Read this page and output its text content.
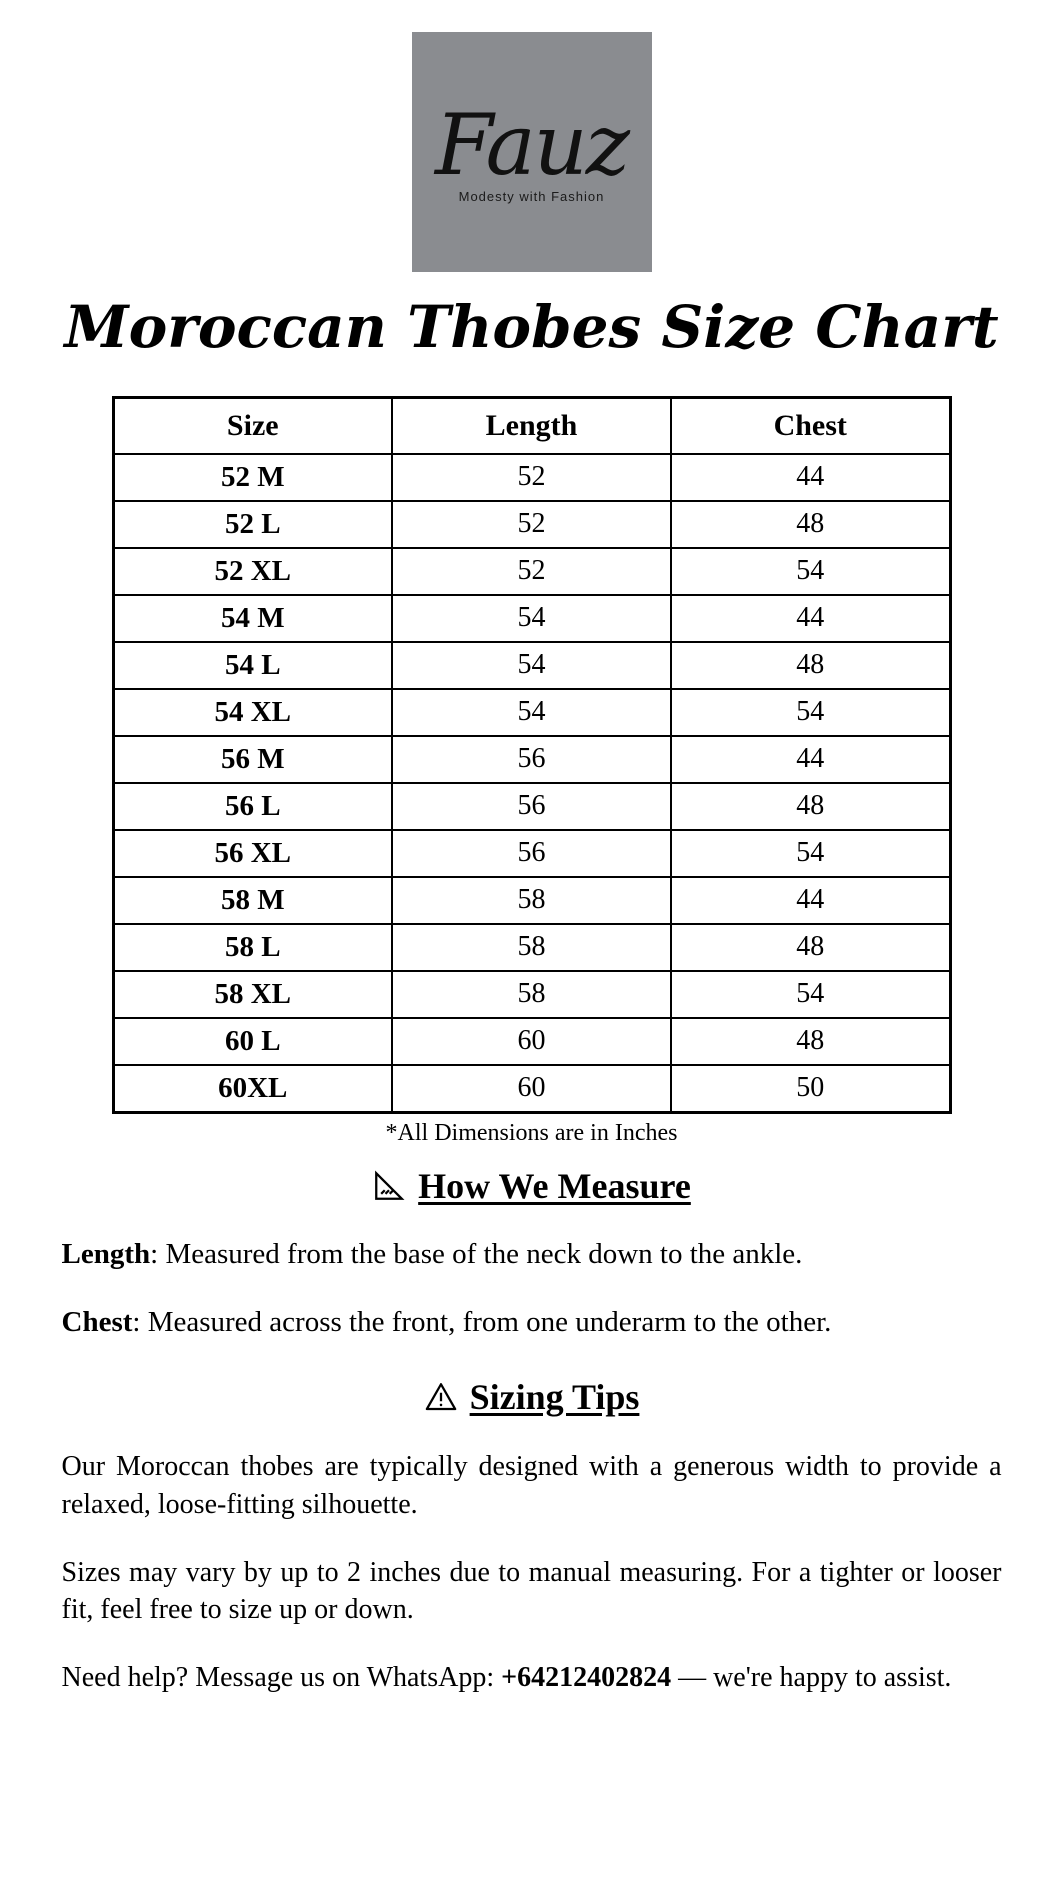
Fauz
Modesty with Fashion
Moroccan Thobes Size Chart
Size	Length	Chest
52 M	52	44
52 L	52	48
52 XL	52	54
54 M	54	44
54 L	54	48
54 XL	54	54
56 M	56	44
56 L	56	48
56 XL	56	54
58 M	58	44
58 L	58	48
58 XL	58	54
60 L	60	48
60XL	60	50
*All Dimensions are in Inches
How We Measure

Length: Measured from the base of the neck down to the ankle.

Chest: Measured across the front, from one underarm to the other.

Sizing Tips

Our Moroccan thobes are typically designed with a generous width to provide a relaxed, loose-fitting silhouette.

Sizes may vary by up to 2 inches due to manual measuring. For a tighter or looser fit, feel free to size up or down.

Need help? Message us on WhatsApp: +64212402824 — we're happy to assist.
